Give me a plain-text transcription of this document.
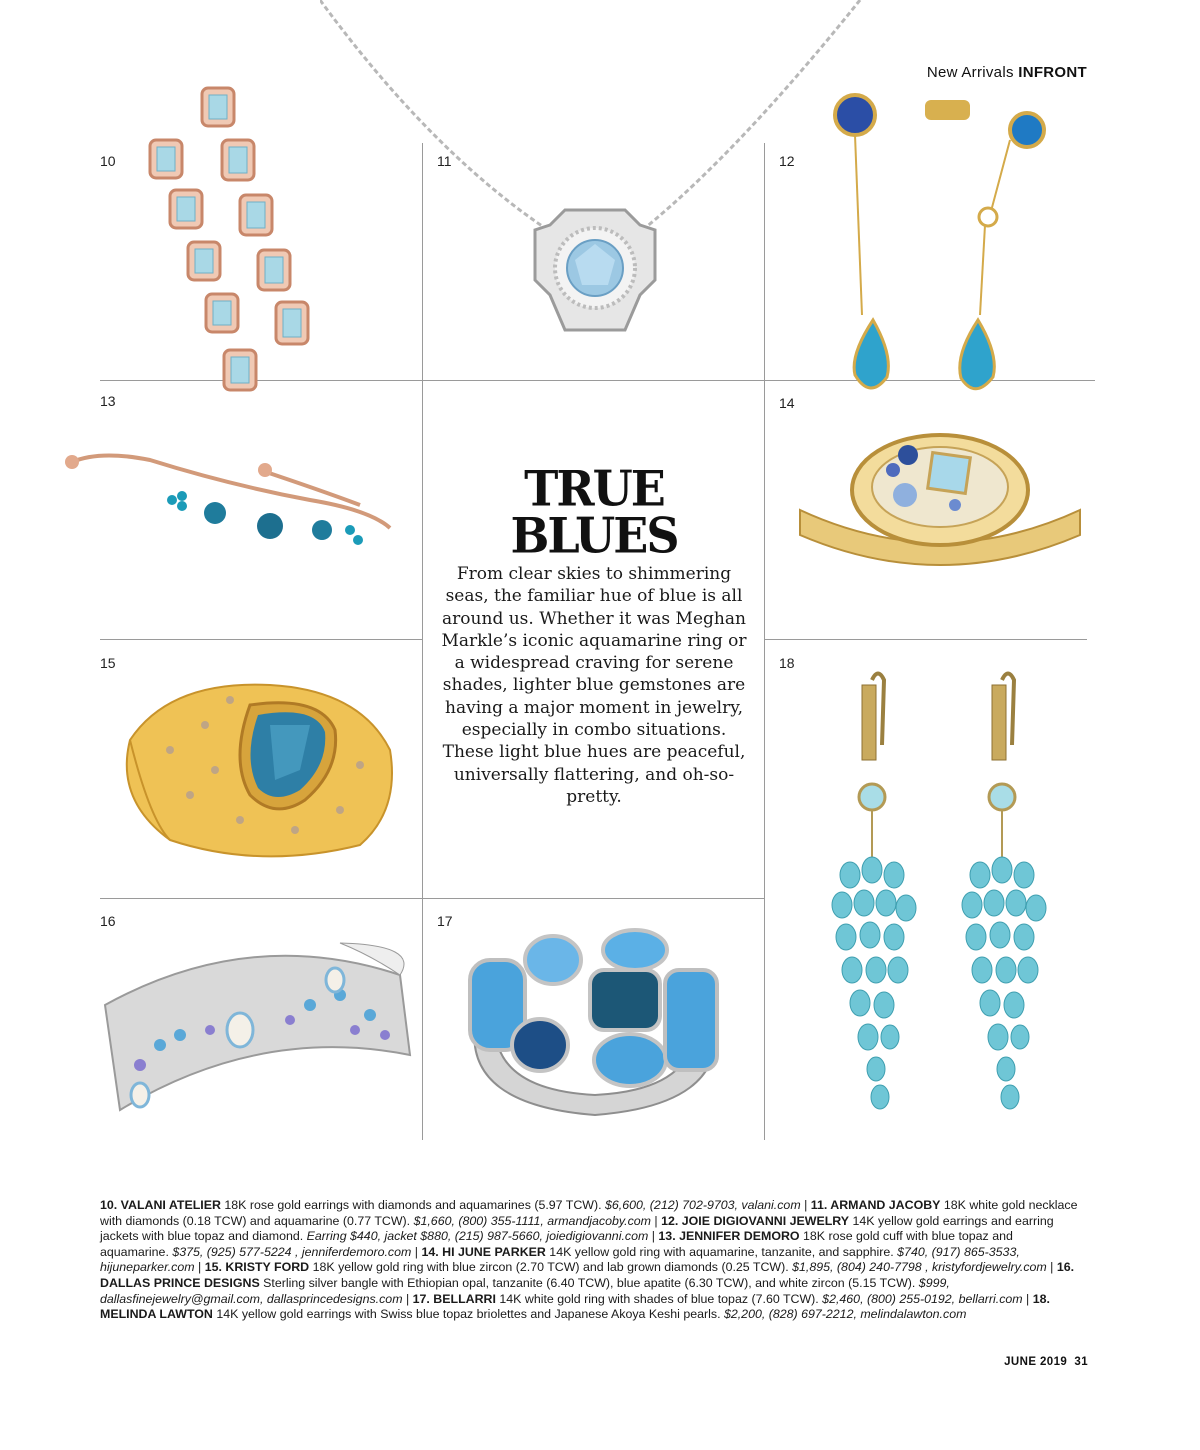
New Arrivals INFRONT
10	11	12
13	14
15	18
16	17
TRUE
BLUES
From clear skies to shimmering seas, the familiar hue of blue is all around us. Whether it was Meghan Markle’s iconic aquamarine ring or a widespread craving for serene shades, lighter blue gemstones are having a major moment in jewelry, especially in combo situations. These light blue hues are peaceful, universally flattering, and oh-so-pretty.
10. VALANI ATELIER 18K rose gold earrings with diamonds and aquamarines (5.97 TCW). $6,600, (212) 702-9703, valani.com | 11. ARMAND JACOBY 18K white gold necklace with diamonds (0.18 TCW) and aquamarine (0.77 TCW). $1,660, (800) 355-1111, armandjacoby.com | 12. JOIE DIGIOVANNI JEWELRY 14K yellow gold earrings and earring jackets with blue topaz and diamond. Earring $440, jacket $880, (215) 987-5660, joiedigiovanni.com | 13. JENNIFER DEMORO 18K rose gold cuff with blue topaz and aquamarine. $375, (925) 577-5224 , jenniferdemoro.com | 14. HI JUNE PARKER 14K yellow gold ring with aquamarine, tanzanite, and sapphire. $740, (917) 865-3533, hijuneparker.com | 15. KRISTY FORD 18K yellow gold ring with blue zircon (2.70 TCW) and lab grown diamonds (0.25 TCW). $1,895, (804) 240-7798 , kristyfordjewelry.com | 16. DALLAS PRINCE DESIGNS Sterling silver bangle with Ethiopian opal, tanzanite (6.40 TCW), blue apatite (6.30 TCW), and white zircon (5.15 TCW). $999, dallasfinejewelry@gmail.com, dallasprincedesigns.com | 17. BELLARRI 14K white gold ring with shades of blue topaz (7.60 TCW). $2,460, (800) 255-0192, bellarri.com | 18. MELINDA LAWTON 14K yellow gold earrings with Swiss blue topaz briolettes and Japanese Akoya Keshi pearls. $2,200, (828) 697-2212, melindalawton.com
JUNE 2019 31
